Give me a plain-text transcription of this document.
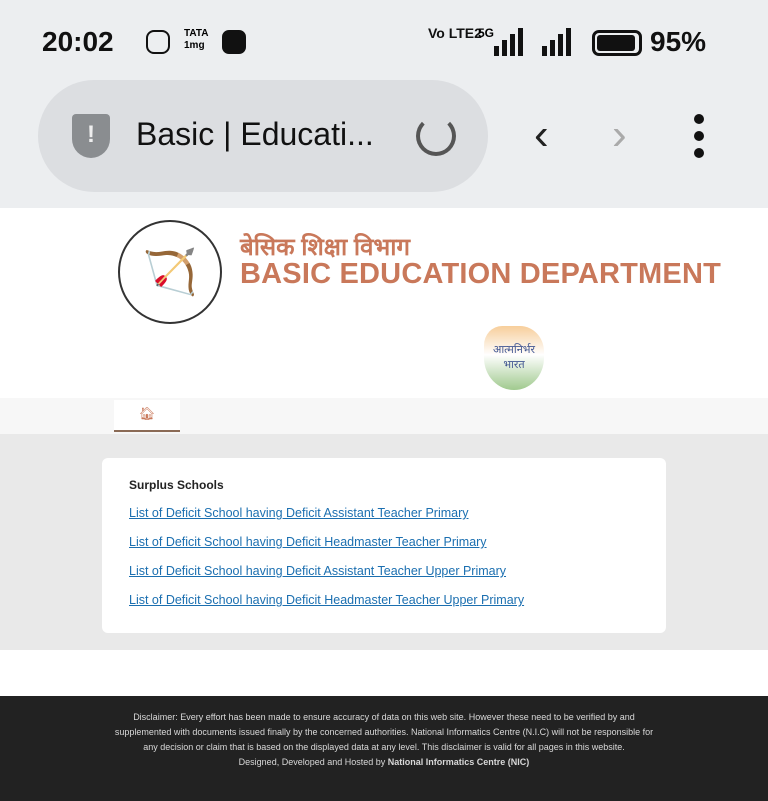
20:02	TATA 1mg
Vo LTE2
5G	95%
!	Basic | Educati...	‹ ›
🏹
बेसिक शिक्षा विभाग
BASIC EDUCATION DEPARTMENT
आत्मनिर्भर
भारत
🏠︎
Surplus Schools
List of Deficit School having Deficit Assistant Teacher Primary
List of Deficit School having Deficit Headmaster Teacher Primary
List of Deficit School having Deficit Assistant Teacher Upper Primary
List of Deficit School having Deficit Headmaster Teacher Upper Primary
Disclaimer: Every effort has been made to ensure accuracy of data on this web site. However these need to be verified by and supplemented with documents issued finally by the concerned authorities. National Informatics Centre (N.I.C) will not be responsible for any decision or claim that is based on the displayed data at any level. This disclaimer is valid for all pages in this website.
Designed, Developed and Hosted by National Informatics Centre (NIC)
